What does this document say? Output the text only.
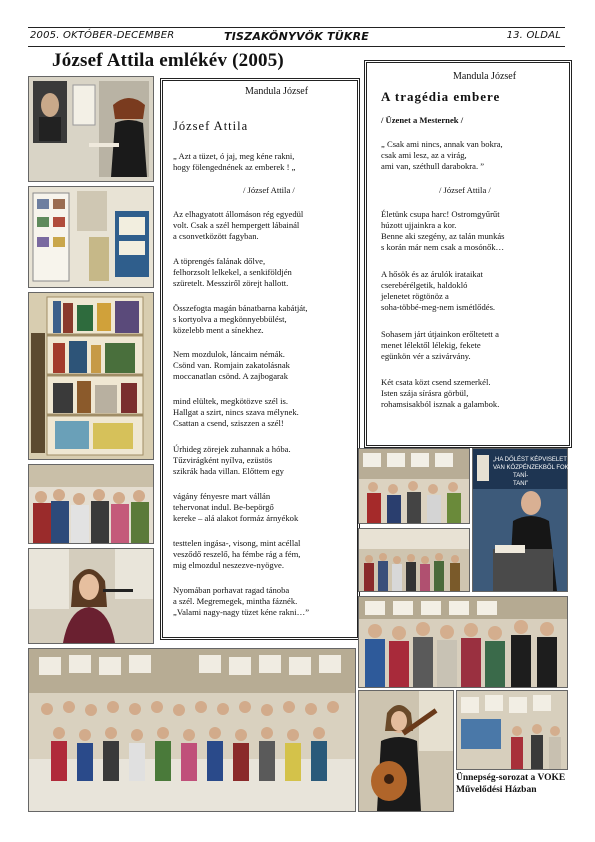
2005. OKTÓBER-DECEMBER	TISZAKÖNYVÖK TÜKRE	13. OLDAL
József Attila emlékév (2005)
Mandula József
József Attila
„ Azt a tüzet, ó jaj, meg kéne rakni,
hogy fölengednének az emberek ! „
/ József Attila /
Az elhagyatott állomáson rég egyedül
volt. Csak a szél hempergett lábainál
a csonvetközött fagyban.
A töprengés falának dőlve,
felhorzsolt lelkekel, a senkiföldjén
szüretelt. Messziről zörejt hallott.
Összefogta magán bánatbarna kabátját,
s kortyolva a megkönnyebbülést,
közelebb ment a sínekhez.
Nem mozdulok, láncaim némák.
Csönd van. Romjain zakatolásnak
moccanatlan csönd. A zajbogarak
mind elültek, megkötözve szél is.
Hallgat a szirt, nincs szava mélynek.
Csattan a csend, sziszzen a szél!
Úrhideg zörejek zuhannak a hóba.
Tűzvirágként nyílva, ezüstös
szikrák hada villan. Előttem egy
vágány fényesre mart vállán
tehervonat indul. Be-bepörgő
kereke – alá alakot formáz árnyékok
testtelen ingása-, visong, mint acéllal
vesződő reszelő, ha fémbe rág a fém,
mig elmozdul neszezve-nyögve.
Nyomában porhavat ragad tánoba
a szél. Megremegek, mintha fáznék.
„Valami nagy-nagy tüzet kéne rakni…”
Mandula József
A tragédia embere
/ Üzenet a Mesternek /
„ Csak ami nincs, annak van bokra,
csak ami lesz, az a virág,
ami van, széthull darabokra. ”
/ József Attila /
Életünk csupa harc! Ostromgyűrűt
húzott ujjainkra a kor.
Benne aki szegény, az talán munkás
s korán már nem csak a mosónők…
A hősök és az árulók irataikat
cserebérélgetik, haldokló
jelenetet rögtönöz a
soha-többé-meg-nem ismétlődés.
Sohasem járt útjainkon erőltetett a
menet lélektől lélekig, fekete
egünkön vér a szivárvány.
Két csata közt csend szemerkél.
Isten szája sírásra görbül,
rohamsisakból isznak a galambok.
„HA DŐLÉST KÉPVISELET FOGON
VAN KÖZPÉNZEKBŐL FOKON
TANÍ-
TANI”
Ünnepség-sorozat a VOKE Művelődési Házban
